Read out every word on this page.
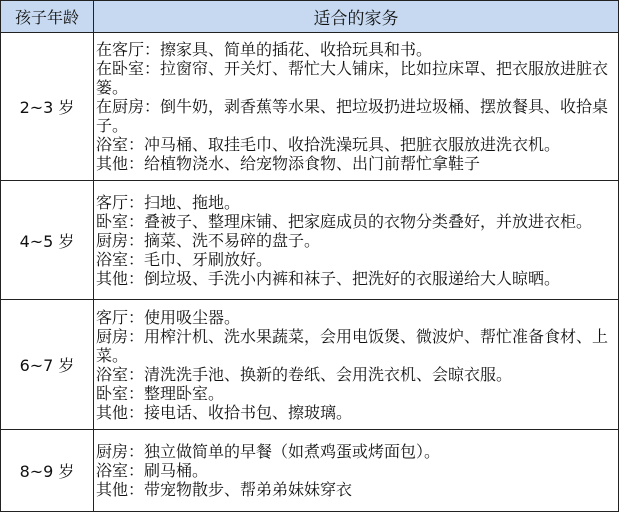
孩子年龄	适合的家务
2~3 岁	在客厅：擦家具、简单的插花、收拾玩具和书。
在卧室：拉窗帘、开关灯、帮忙大人铺床，比如拉床罩、把衣服放进脏衣篓。
在厨房：倒牛奶，剥香蕉等水果、把垃圾扔进垃圾桶、摆放餐具、收拾桌子。
浴室：冲马桶、取挂毛巾、收拾洗澡玩具、把脏衣服放进洗衣机。
其他：给植物浇水、给宠物添食物、出门前帮忙拿鞋子

4~5 岁	客厅：扫地、拖地。
卧室：叠被子、整理床铺、把家庭成员的衣物分类叠好，并放进衣柜。
厨房：摘菜、洗不易碎的盘子。
浴室：毛巾、牙刷放好。
其他：倒垃圾、手洗小内裤和袜子、把洗好的衣服递给大人晾晒。

6~7 岁	客厅：使用吸尘器。
厨房：用榨汁机、洗水果蔬菜，会用电饭煲、微波炉、帮忙准备食材、上菜。
浴室：清洗洗手池、换新的卷纸、会用洗衣机、会晾衣服。
卧室：整理卧室。
其他：接电话、收拾书包、擦玻璃。

8~9 岁	厨房：独立做简单的早餐（如煮鸡蛋或烤面包）。
浴室：刷马桶。
其他：带宠物散步、帮弟弟妹妹穿衣
